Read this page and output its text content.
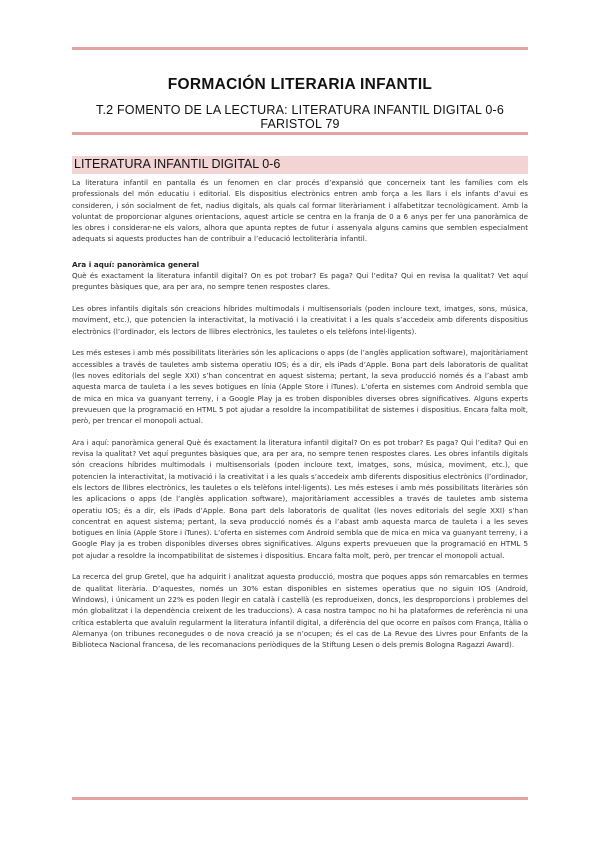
FORMACIÓN LITERARIA INFANTIL
T.2 FOMENTO DE LA LECTURA: LITERATURA INFANTIL DIGITAL 0-6 FARISTOL 79
LITERATURA INFANTIL DIGITAL 0-6

La literatura infantil en pantalla és un fenomen en clar procés d’expansió que concerneix tant les famílies com els professionals del món educatiu i editorial. Els dispositius electrònics entren amb força a les llars i els infants d’avui es consideren, i són socialment de fet, nadius digitals, als quals cal formar literàriament i alfabetitzar tecnològicament. Amb la voluntat de proporcionar algunes orientacions, aquest article se centra en la franja de 0 a 6 anys per fer una panoràmica de les obres i considerar-ne els valors, alhora que apunta reptes de futur i assenyala alguns camins que semblen especialment adequats si aquests productes han de contribuir a l’educació lectoliterària infantil.

Ara i aquí: panoràmica general

Què és exactament la literatura infantil digital? On es pot trobar? Es paga? Qui l’edita? Qui en revisa la qualitat? Vet aquí preguntes bàsiques que, ara per ara, no sempre tenen respostes clares.

Les obres infantils digitals són creacions híbrides multimodals i multisensorials (poden incloure text, imatges, sons, música, moviment, etc.), que potencien la interactivitat, la motivació i la creativitat i a les quals s’accedeix amb diferents dispositius electrònics (l’ordinador, els lectors de llibres electrònics, les tauletes o els telèfons intel·ligents).

Les més esteses i amb més possibilitats literàries són les aplicacions o apps (de l’anglès application software), majoritàriament accessibles a través de tauletes amb sistema operatiu IOS; és a dir, els iPads d’Apple. Bona part dels laboratoris de qualitat (les noves editorials del segle XXI) s’han concentrat en aquest sistema; pertant, la seva producció només és a l’abast amb aquesta marca de tauleta i a les seves botigues en línia (Apple Store i iTunes). L’oferta en sistemes com Android sembla que de mica en mica va guanyant terreny, i a Google Play ja es troben disponibles diverses obres significatives. Alguns experts prevueuen que la programació en HTML 5 pot ajudar a resoldre la incompatibilitat de sistemes i dispositius. Encara falta molt, però, per trencar el monopoli actual.

Ara i aquí: panoràmica general Què és exactament la literatura infantil digital? On es pot trobar? Es paga? Qui l’edita? Qui en revisa la qualitat? Vet aquí preguntes bàsiques que, ara per ara, no sempre tenen respostes clares. Les obres infantils digitals són creacions híbrides multimodals i multisensorials (poden incloure text, imatges, sons, música, moviment, etc.), que potencien la interactivitat, la motivació i la creativitat i a les quals s’accedeix amb diferents dispositius electrònics (l’ordinador, els lectors de llibres electrònics, les tauletes o els telèfons intel·ligents). Les més esteses i amb més possibilitats literàries són les aplicacions o apps (de l’anglès application software), majoritàriament accessibles a través de tauletes amb sistema operatiu IOS; és a dir, els iPads d’Apple. Bona part dels laboratoris de qualitat (les noves editorials del segle XXI) s’han concentrat en aquest sistema; pertant, la seva producció només és a l’abast amb aquesta marca de tauleta i a les seves botigues en línia (Apple Store i iTunes). L’oferta en sistemes com Android sembla que de mica en mica va guanyant terreny, i a Google Play ja es troben disponibles diverses obres significatives. Alguns experts prevueuen que la programació en HTML 5 pot ajudar a resoldre la incompatibilitat de sistemes i dispositius. Encara falta molt, però, per trencar el monopoli actual.

La recerca del grup Gretel, que ha adquirit i analitzat aquesta producció, mostra que poques apps són remarcables en termes de qualitat literària. D’aquestes, només un 30% estan disponibles en sistemes operatius que no siguin IOS (Android, Windows), i únicament un 22% es poden llegir en català i castellà (es reprodueixen, doncs, les desproporcions i problemes del món globalitzat i la dependència creixent de les traduccions). A casa nostra tampoc no hi ha plataformes de referència ni una crítica establerta que avaluïn regularment la literatura infantil digital, a diferència del que ocorre en països com França, Itàlia o Alemanya (on tribunes reconegudes o de nova creació ja se n’ocupen; és el cas de La Revue des Livres pour Enfants de la Biblioteca Nacional francesa, de les recomanacions periòdiques de la Stiftung Lesen o dels premis Bologna Ragazzi Award).
